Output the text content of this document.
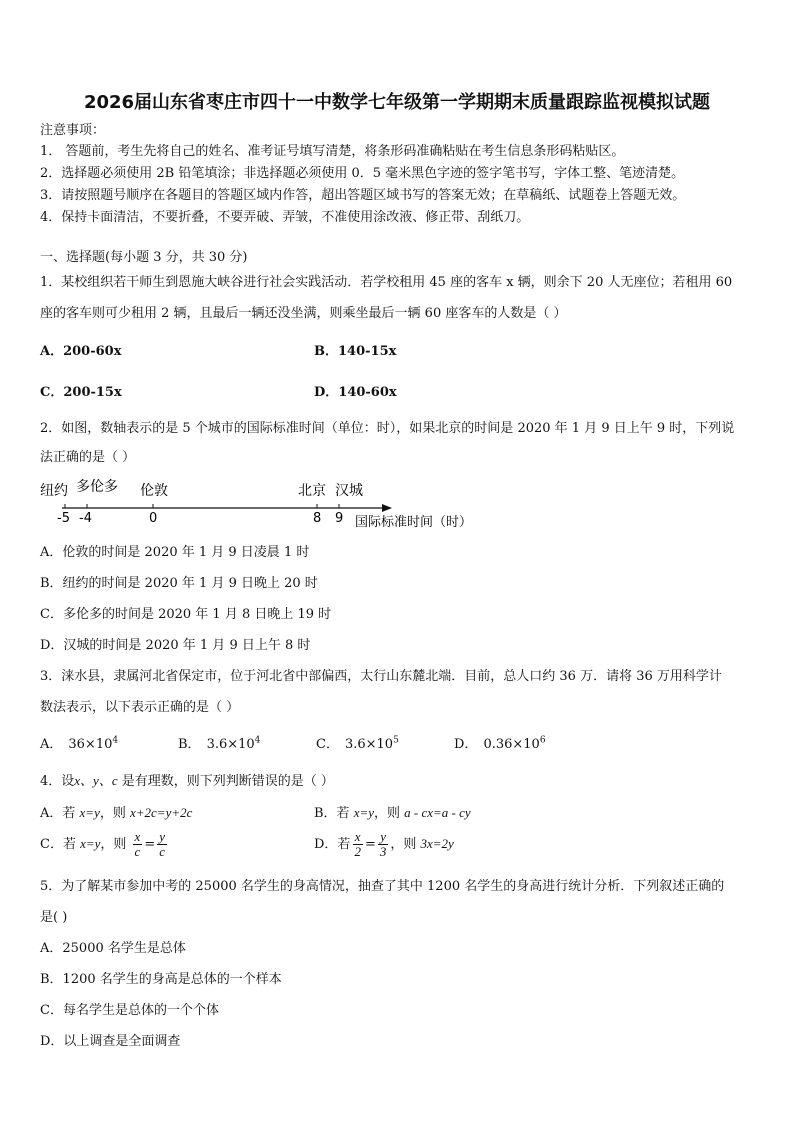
2026届山东省枣庄市四十一中数学七年级第一学期期末质量跟踪监视模拟试题
注意事项：
1． 答题前，考生先将自己的姓名、准考证号填写清楚，将条形码准确粘贴在考生信息条形码粘贴区。
2．选择题必须使用 2B 铅笔填涂；非选择题必须使用 0．5 毫米黑色字迹的签字笔书写，字体工整、笔迹清楚。
3．请按照题号顺序在各题目的答题区域内作答，超出答题区域书写的答案无效；在草稿纸、试题卷上答题无效。
4．保持卡面清洁，不要折叠，不要弄破、弄皱，不准使用涂改液、修正带、刮纸刀。
一、选择题(每小题 3 分，共 30 分)
1．某校组织若干师生到恩施大峡谷进行社会实践活动．若学校租用 45 座的客车 x 辆，则余下 20 人无座位；若租用 60
座的客车则可少租用 2 辆，且最后一辆还没坐满，则乘坐最后一辆 60 座客车的人数是（ ）
A．200-60x	B．140-15x
C．200-15x	D．140-60x
2．如图，数轴表示的是 5 个城市的国际标准时间（单位：时），如果北京的时间是 2020 年 1 月 9 日上午 9 时，下列说
法正确的是（ ）
纽约 多伦多 伦敦	北京 汉城
-5 -4	0	8 9 国际标准时间（时）
A．伦敦的时间是 2020 年 1 月 9 日凌晨 1 时
B．纽约的时间是 2020 年 1 月 9 日晚上 20 时
C．多伦多的时间是 2020 年 1 月 8 日晚上 19 时
D．汉城的时间是 2020 年 1 月 9 日上午 8 时
3．涞水县，隶属河北省保定市，位于河北省中部偏西，太行山东麓北端．目前，总人口约 36 万．请将 36 万用科学计
数法表示，以下表示正确的是（ ）
A． $36\times 10^4$	B． $3.6\times 10^4$	C． $3.6\times 10^5$	D． $0.36\times 10^6$
4．设x、y、c 是有理数，则下列判断错误的是（ ）
A．若 x=y，则 x+2c=y+2c	B．若 x=y，则 a - cx=a - cy
C．若 x=y，则 $\frac{x}{c} = \frac{y}{c}$	D．若 $\frac{x}{2} = \frac{y}{3}$ ，则 3x=2y
5．为了解某市参加中考的 25000 名学生的身高情况，抽查了其中 1200 名学生的身高进行统计分析．下列叙述正确的
是( )
A．25000 名学生是总体
B．1200 名学生的身高是总体的一个样本
C．每名学生是总体的一个个体
D．以上调查是全面调查
